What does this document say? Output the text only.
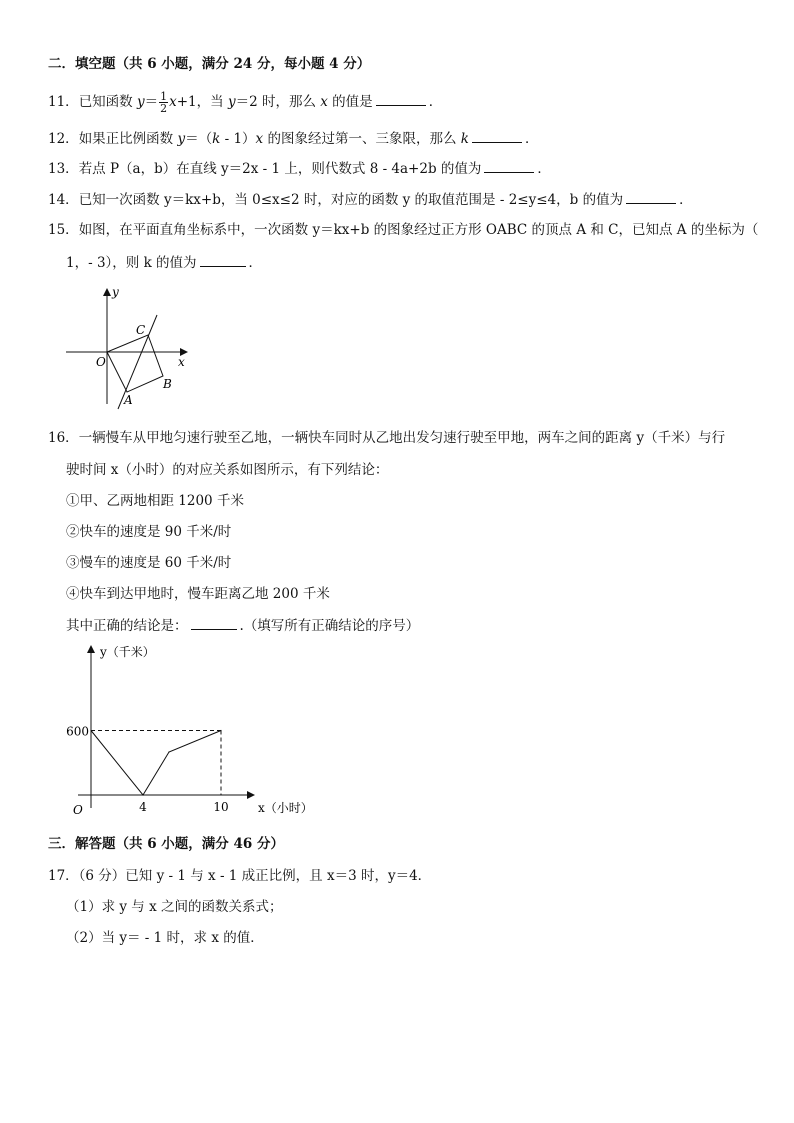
二．填空题（共 6 小题，满分 24 分，每小题 4 分）
11．已知函数 $y= \frac{1}{2} x+1$，当 y＝2 时，那么 x 的值是	．
12．如果正比例函数 y＝（k - 1）x 的图象经过第一、三象限，那么 k	．
13．若点 P（a，b）在直线 y＝2x - 1 上，则代数式 8 - 4a+2b 的值为	．
14．已知一次函数 y＝kx+b，当 0≤x≤2 时，对应的函数 y 的取值范围是 - 2≤y≤4，b 的值为	．
15．如图，在平面直角坐标系中，一次函数 y＝kx+b 的图象经过正方形 OABC 的顶点 A 和 C，已知点 A 的坐标为（
1，- 3），则 k 的值为	．
y
x
O
A
B
C
16．一辆慢车从甲地匀速行驶至乙地，一辆快车同时从乙地出发匀速行驶至甲地，两车之间的距离 y（千米）与行
驶时间 x（小时）的对应关系如图所示，有下列结论：
①甲、乙两地相距 1200 千米
②快车的速度是 90 千米/时
③慢车的速度是 60 千米/时
④快车到达甲地时，慢车距离乙地 200 千米
其中正确的结论是：	.（填写所有正确结论的序号）
4	10
600
y（千米）
x（小时）
O
三．解答题（共 6 小题，满分 46 分）
17．（6 分）已知 y - 1 与 x - 1 成正比例，且 x＝3 时，y＝4．
（1）求 y 与 x 之间的函数关系式；
（2）当 y＝ - 1 时，求 x 的值．
